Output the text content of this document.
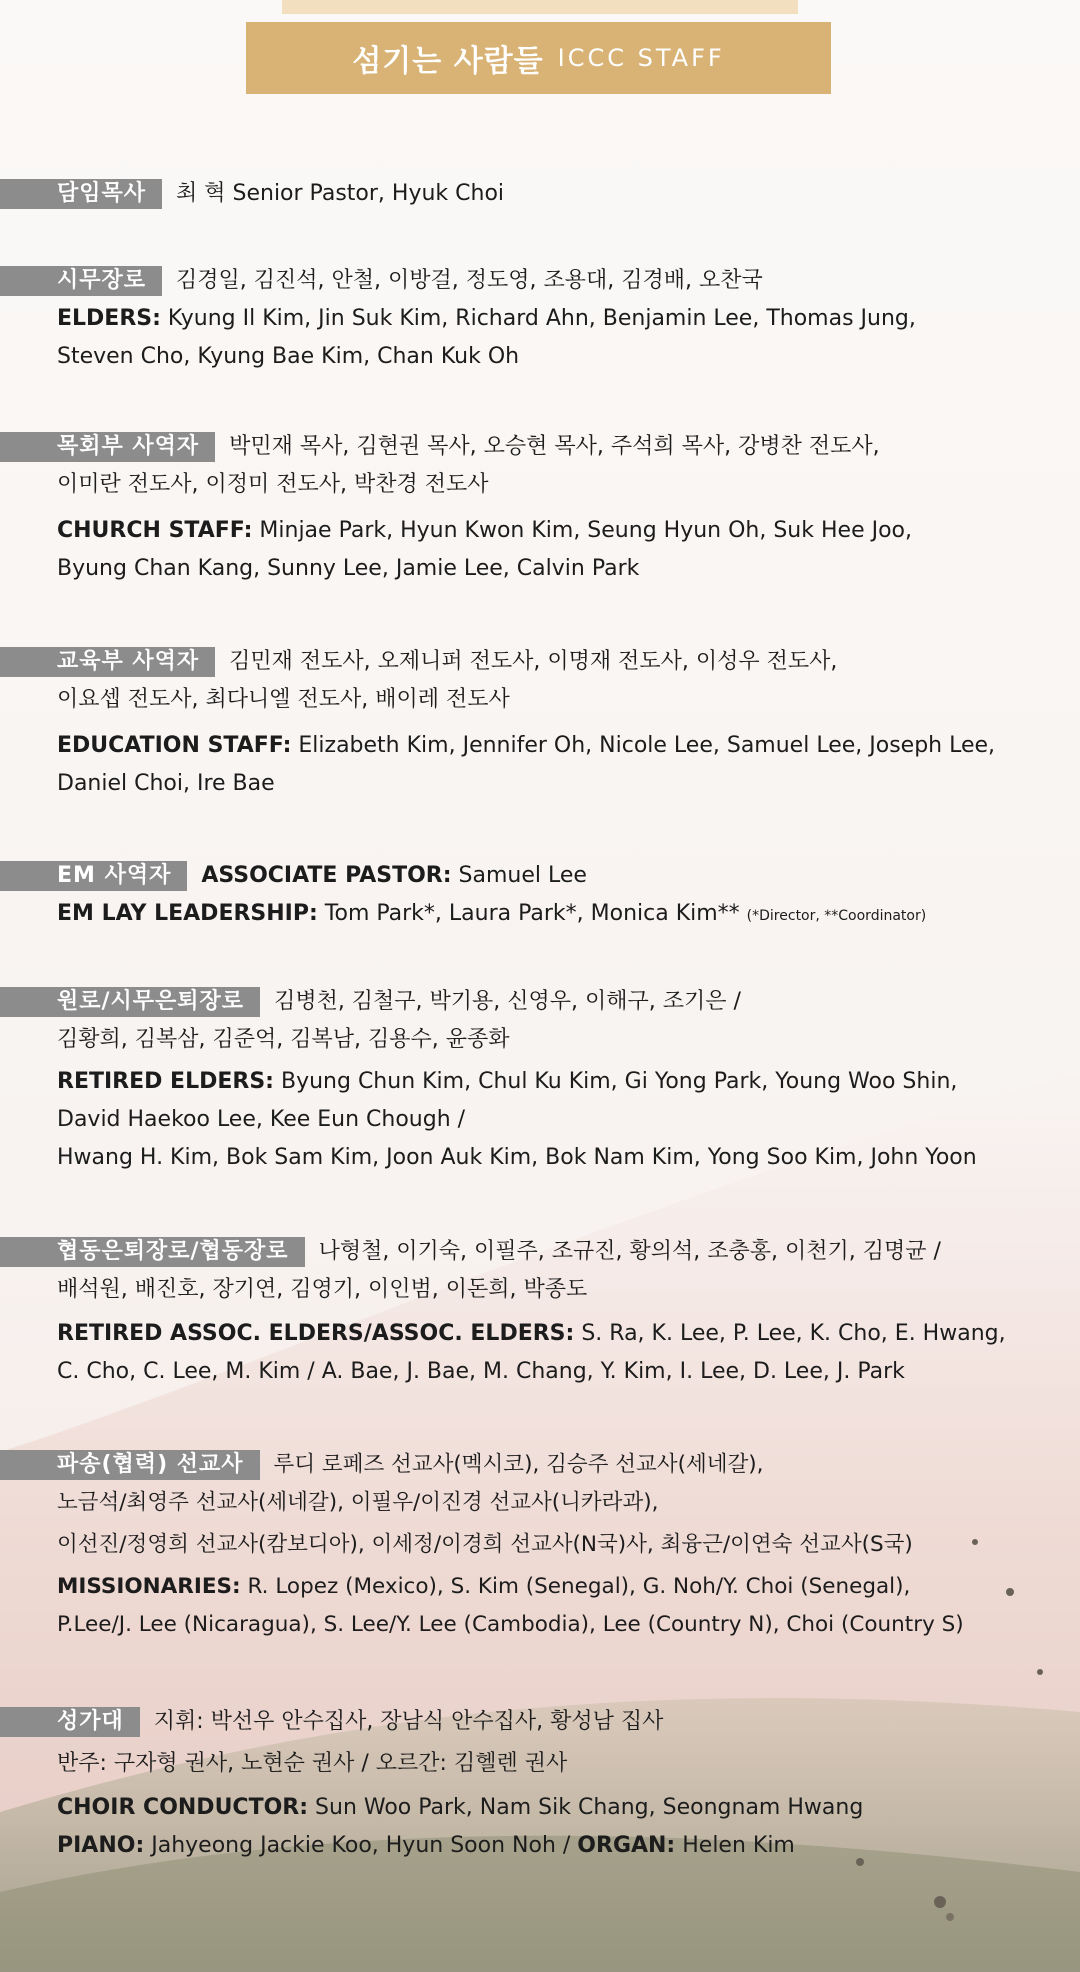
섬기는 사람들 ICCC STAFF
담임목사 최 혁 Senior Pastor, Hyuk Choi
시무장로 김경일, 김진석, 안철, 이방걸, 정도영, 조용대, 김경배, 오찬국
ELDERS: Kyung Il Kim, Jin Suk Kim, Richard Ahn, Benjamin Lee, Thomas Jung,
Steven Cho, Kyung Bae Kim, Chan Kuk Oh
목회부 사역자 박민재 목사, 김현권 목사, 오승현 목사, 주석희 목사, 강병찬 전도사,
이미란 전도사, 이정미 전도사, 박찬경 전도사
CHURCH STAFF: Minjae Park, Hyun Kwon Kim, Seung Hyun Oh, Suk Hee Joo,
Byung Chan Kang, Sunny Lee, Jamie Lee, Calvin Park
교육부 사역자 김민재 전도사, 오제니퍼 전도사, 이명재 전도사, 이성우 전도사,
이요셉 전도사, 최다니엘 전도사, 배이레 전도사
EDUCATION STAFF: Elizabeth Kim, Jennifer Oh, Nicole Lee, Samuel Lee, Joseph Lee,
Daniel Choi, Ire Bae
EM 사역자 ASSOCIATE PASTOR: Samuel Lee
EM LAY LEADERSHIP: Tom Park*, Laura Park*, Monica Kim** (*Director, **Coordinator)
원로/시무은퇴장로 김병천, 김철구, 박기용, 신영우, 이해구, 조기은 /
김황희, 김복삼, 김준억, 김복남, 김용수, 윤종화
RETIRED ELDERS: Byung Chun Kim, Chul Ku Kim, Gi Yong Park, Young Woo Shin,
David Haekoo Lee, Kee Eun Chough /
Hwang H. Kim, Bok Sam Kim, Joon Auk Kim, Bok Nam Kim, Yong Soo Kim, John Yoon
협동은퇴장로/협동장로 나형철, 이기숙, 이필주, 조규진, 황의석, 조충홍, 이천기, 김명균 /
배석원, 배진호, 장기연, 김영기, 이인범, 이돈희, 박종도
RETIRED ASSOC. ELDERS/ASSOC. ELDERS: S. Ra, K. Lee, P. Lee, K. Cho, E. Hwang,
C. Cho, C. Lee, M. Kim / A. Bae, J. Bae, M. Chang, Y. Kim, I. Lee, D. Lee, J. Park
파송(협력) 선교사 루디 로페즈 선교사(멕시코), 김승주 선교사(세네갈),
노금석/최영주 선교사(세네갈), 이필우/이진경 선교사(니카라과),
이선진/정영희 선교사(캄보디아), 이세정/이경희 선교사(N국)사, 최융근/이연숙 선교사(S국)
MISSIONARIES: R. Lopez (Mexico), S. Kim (Senegal), G. Noh/Y. Choi (Senegal),
P.Lee/J. Lee (Nicaragua), S. Lee/Y. Lee (Cambodia), Lee (Country N), Choi (Country S)
성가대 지휘: 박선우 안수집사, 장남식 안수집사, 황성남 집사
반주: 구자형 권사, 노현순 권사 / 오르간: 김헬렌 권사
CHOIR CONDUCTOR: Sun Woo Park, Nam Sik Chang, Seongnam Hwang
PIANO: Jahyeong Jackie Koo, Hyun Soon Noh / ORGAN: Helen Kim
